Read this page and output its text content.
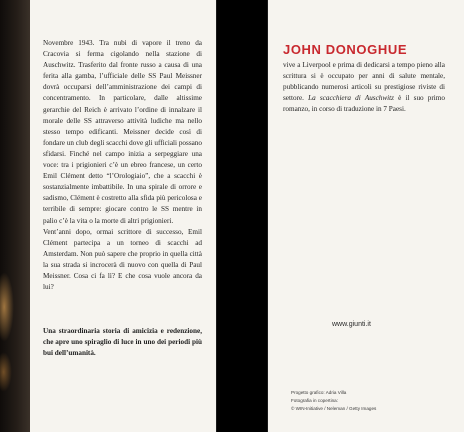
Novembre 1943. Tra nubi di vapore il treno da Cracovia si ferma cigolando nella stazione di Auschwitz. Trasferito dal fronte russo a causa di una ferita alla gamba, l’ufficiale delle SS Paul Meissner dovrà occuparsi dell’amministrazione dei campi di concentramento. In particolare, dalle altissime gerarchie del Reich è arrivato l’ordine di innalzare il morale delle SS attraverso attività ludiche ma nello stesso tempo edificanti. Meissner decide così di fondare un club degli scacchi dove gli ufficiali possano sfidarsi. Finché nel campo inizia a serpeggiare una voce: tra i prigionieri c’è un ebreo francese, un certo Emil Clément detto “l’Orologiaio”, che a scacchi è sostanzialmente imbattibile. In una spirale di orrore e sadismo, Clément è costretto alla sfida più pericolosa e terribile di sempre: giocare contro le SS mentre in palio c’è la vita o la morte di altri prigionieri.

Vent’anni dopo, ormai scrittore di successo, Emil Clément partecipa a un torneo di scacchi ad Amsterdam. Non può sapere che proprio in quella città la sua strada si incrocerà di nuovo con quella di Paul Meissner. Cosa ci fa lì? E che cosa vuole ancora da lui?

Una straordinaria storia di amicizia e redenzione, che apre uno spiraglio di luce in uno dei periodi più bui dell’umanità.

JOHN DONOGHUE

vive a Liverpool e prima di dedicarsi a tempo pieno alla scrittura si è occupato per anni di salute mentale, pubblicando numerosi articoli su prestigiose riviste di settore. La scacchiera di Auschwitz è il suo primo romanzo, in corso di traduzione in 7 Paesi.

www.giunti.it

Progetto grafico: Adria Villa
Fotografia in copertina:
© WIN-Initiative / Neleman / Getty Images
